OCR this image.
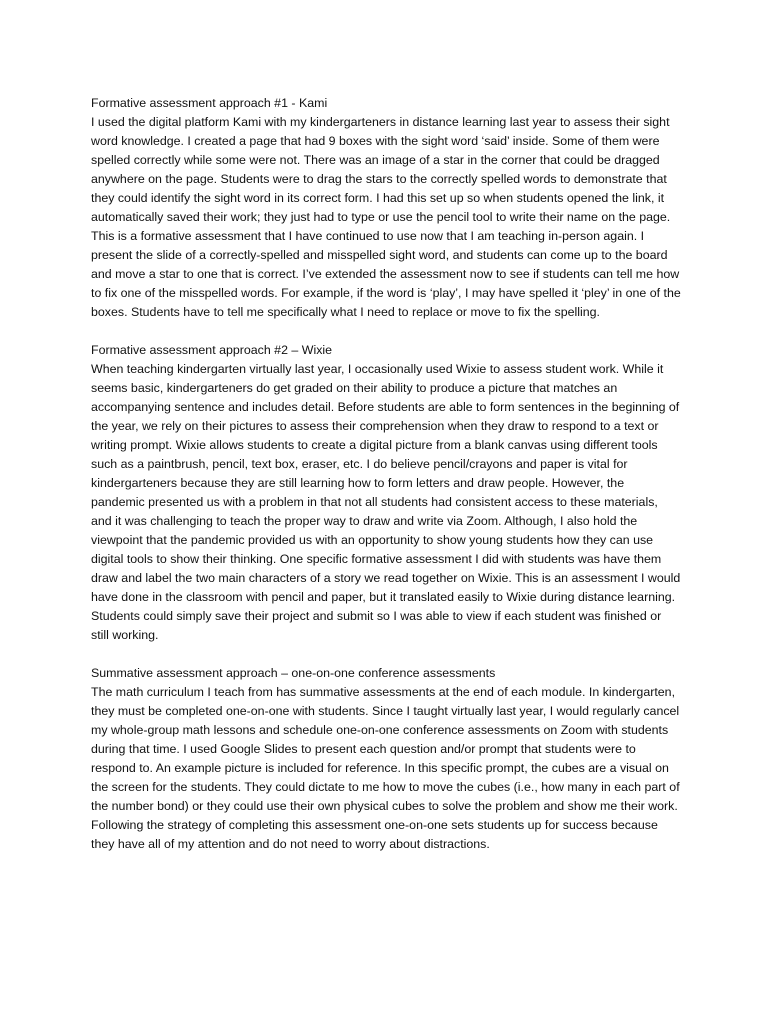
Formative assessment approach #1 - Kami

I used the digital platform Kami with my kindergarteners in distance learning last year to assess their sight word knowledge. I created a page that had 9 boxes with the sight word ‘said’ inside. Some of them were spelled correctly while some were not. There was an image of a star in the corner that could be dragged anywhere on the page. Students were to drag the stars to the correctly spelled words to demonstrate that they could identify the sight word in its correct form. I had this set up so when students opened the link, it automatically saved their work; they just had to type or use the pencil tool to write their name on the page. This is a formative assessment that I have continued to use now that I am teaching in-person again. I present the slide of a correctly-spelled and misspelled sight word, and students can come up to the board and move a star to one that is correct. I’ve extended the assessment now to see if students can tell me how to fix one of the misspelled words. For example, if the word is ‘play’, I may have spelled it ‘pley’ in one of the boxes. Students have to tell me specifically what I need to replace or move to fix the spelling.

Formative assessment approach #2 – Wixie

When teaching kindergarten virtually last year, I occasionally used Wixie to assess student work. While it seems basic, kindergarteners do get graded on their ability to produce a picture that matches an accompanying sentence and includes detail. Before students are able to form sentences in the beginning of the year, we rely on their pictures to assess their comprehension when they draw to respond to a text or writing prompt. Wixie allows students to create a digital picture from a blank canvas using different tools such as a paintbrush, pencil, text box, eraser, etc. I do believe pencil/crayons and paper is vital for kindergarteners because they are still learning how to form letters and draw people. However, the pandemic presented us with a problem in that not all students had consistent access to these materials, and it was challenging to teach the proper way to draw and write via Zoom. Although, I also hold the viewpoint that the pandemic provided us with an opportunity to show young students how they can use digital tools to show their thinking. One specific formative assessment I did with students was have them draw and label the two main characters of a story we read together on Wixie. This is an assessment I would have done in the classroom with pencil and paper, but it translated easily to Wixie during distance learning. Students could simply save their project and submit so I was able to view if each student was finished or still working.

Summative assessment approach – one-on-one conference assessments

The math curriculum I teach from has summative assessments at the end of each module. In kindergarten, they must be completed one-on-one with students. Since I taught virtually last year, I would regularly cancel my whole-group math lessons and schedule one-on-one conference assessments on Zoom with students during that time. I used Google Slides to present each question and/or prompt that students were to respond to. An example picture is included for reference. In this specific prompt, the cubes are a visual on the screen for the students. They could dictate to me how to move the cubes (i.e., how many in each part of the number bond) or they could use their own physical cubes to solve the problem and show me their work. Following the strategy of completing this assessment one-on-one sets students up for success because they have all of my attention and do not need to worry about distractions.
